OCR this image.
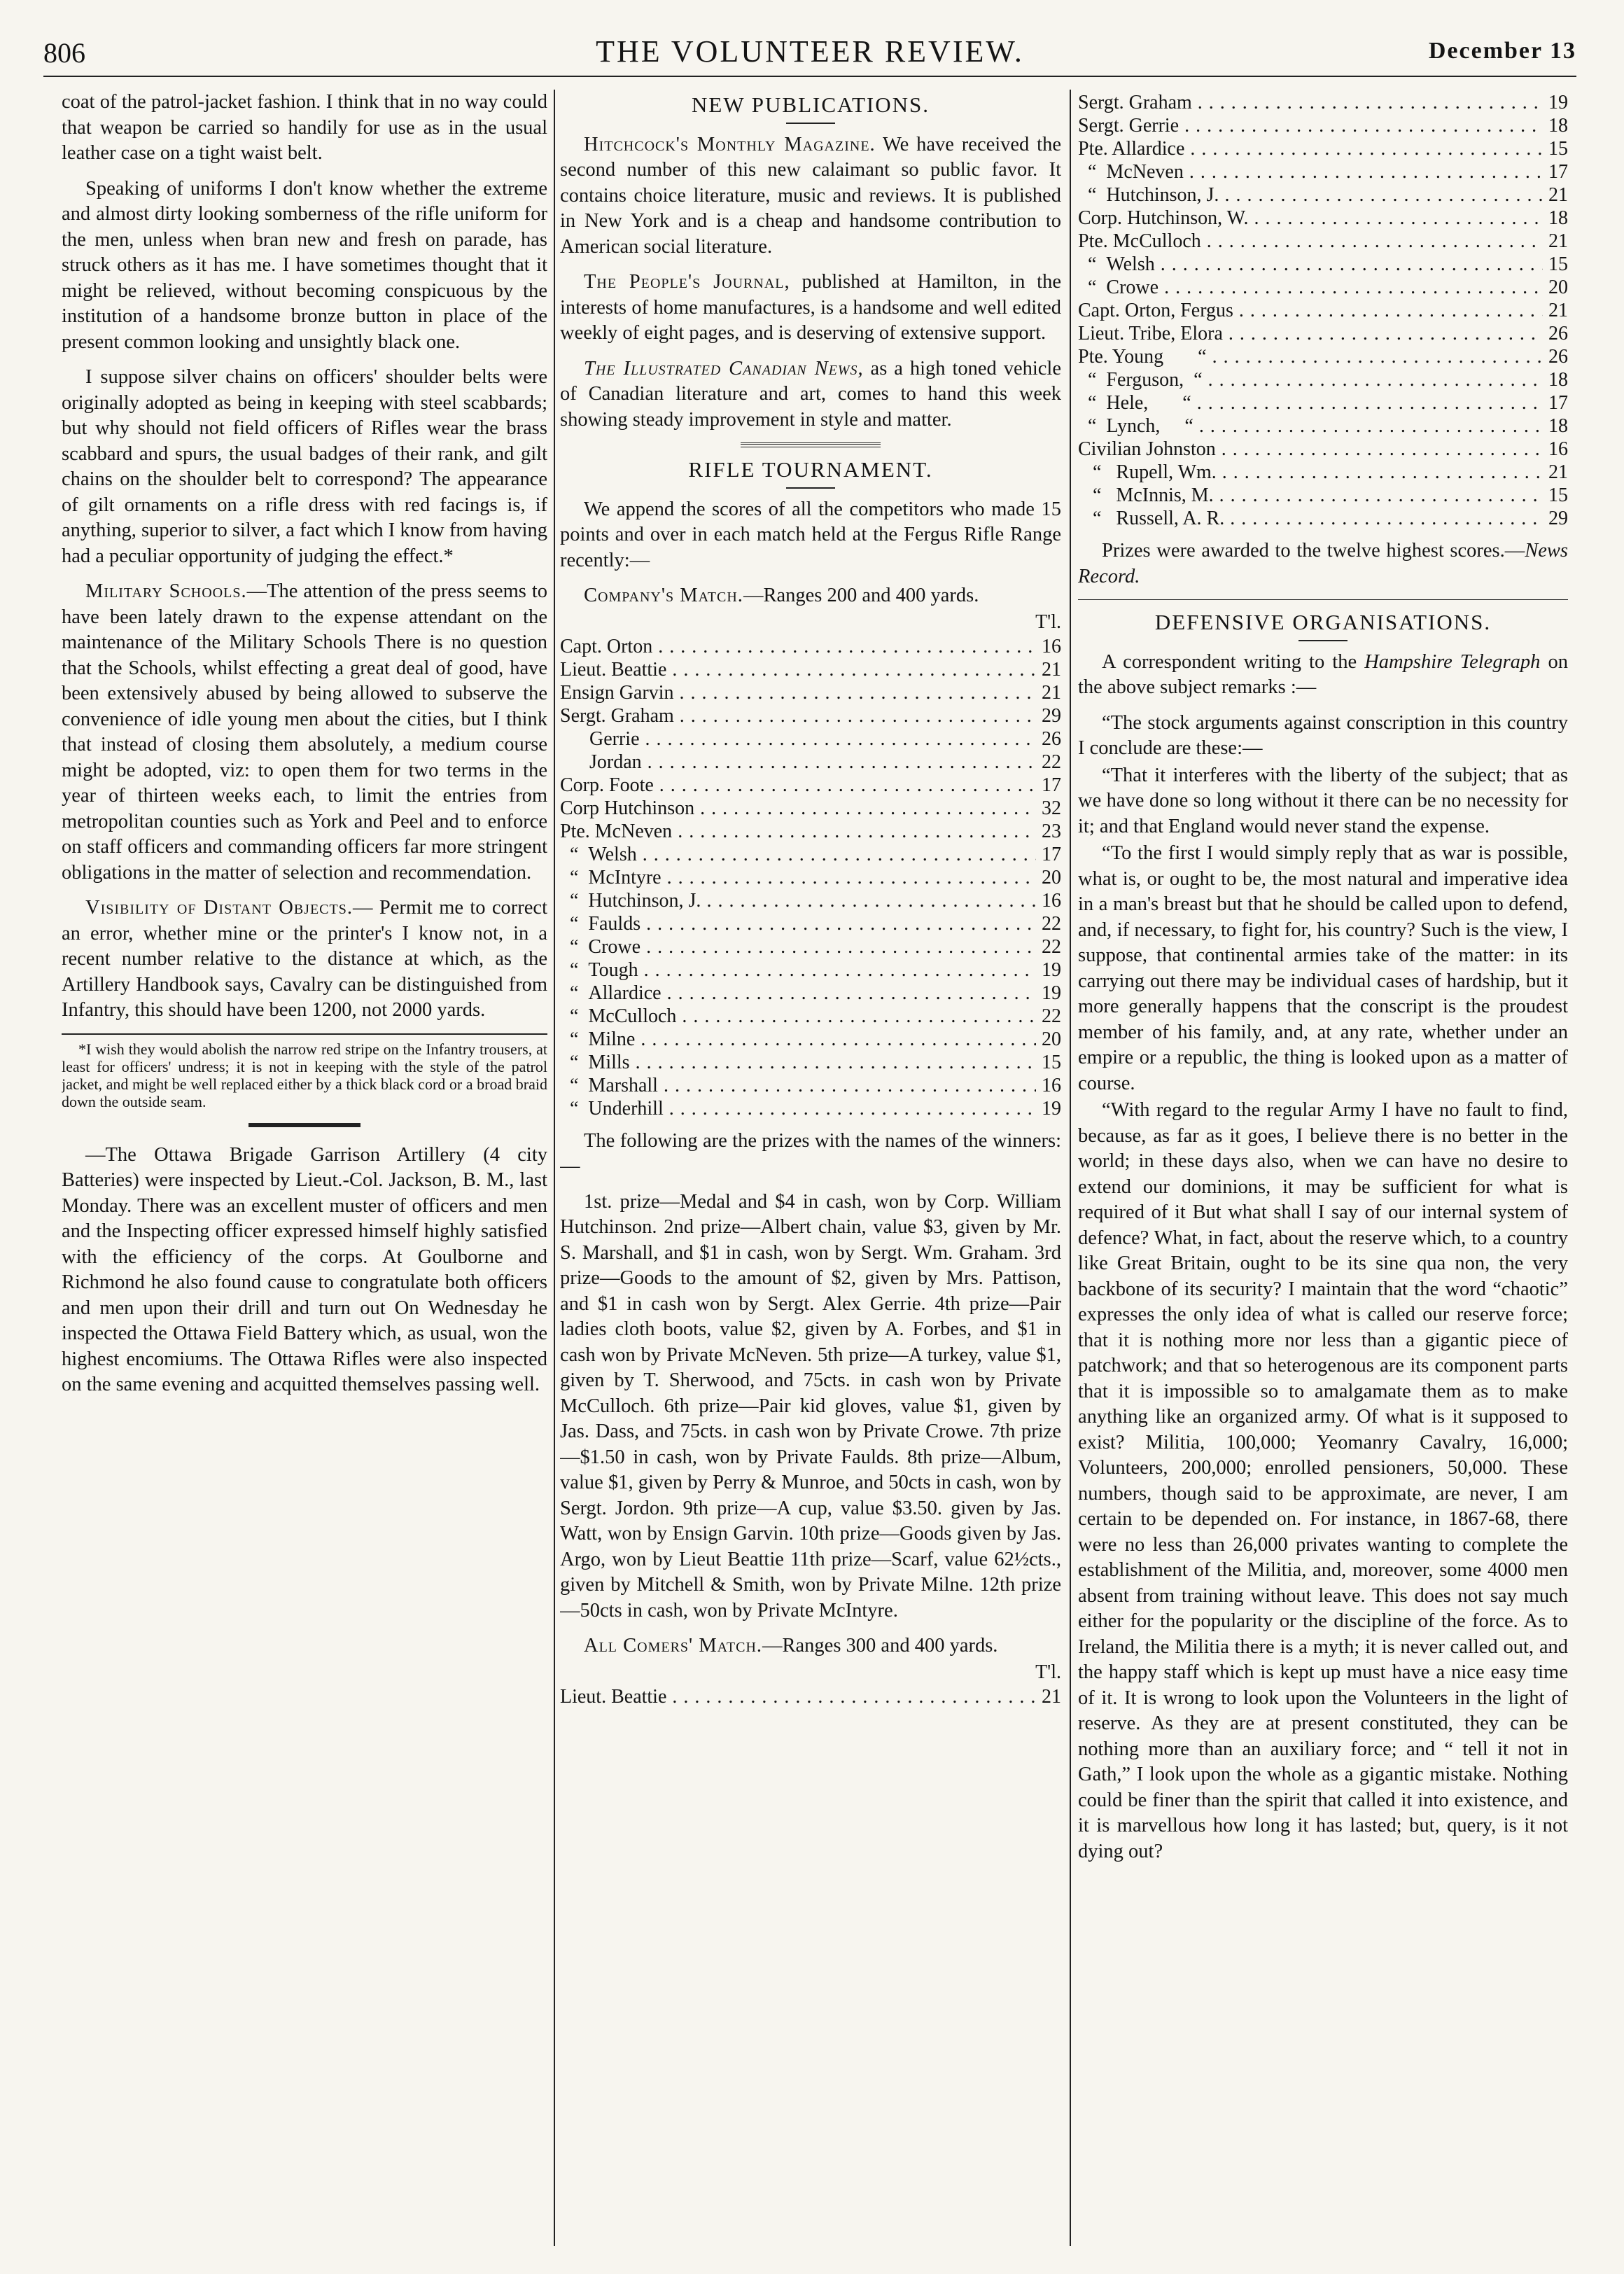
806	THE VOLUNTEER REVIEW.	December 13

coat of the patrol-jacket fashion. I think that in no way could that weapon be carried so handily for use as in the usual leather case on a tight waist belt.

Speaking of uniforms I don't know whether the extreme and almost dirty looking somberness of the rifle uniform for the men, unless when bran new and fresh on parade, has struck others as it has me. I have sometimes thought that it might be relieved, without becoming conspicuous by the institution of a handsome bronze button in place of the present common looking and unsightly black one.

I suppose silver chains on officers' shoulder belts were originally adopted as being in keeping with steel scabbards; but why should not field officers of Rifles wear the brass scabbard and spurs, the usual badges of their rank, and gilt chains on the shoulder belt to correspond? The appearance of gilt ornaments on a rifle dress with red facings is, if anything, superior to silver, a fact which I know from having had a peculiar opportunity of judging the effect.*

Military Schools.—The attention of the press seems to have been lately drawn to the expense attendant on the maintenance of the Military Schools There is no question that the Schools, whilst effecting a great deal of good, have been extensively abused by being allowed to subserve the convenience of idle young men about the cities, but I think that instead of closing them absolutely, a medium course might be adopted, viz: to open them for two terms in the year of thirteen weeks each, to limit the entries from metropolitan counties such as York and Peel and to enforce on staff officers and commanding officers far more stringent obligations in the matter of selection and recommendation.

Visibility of Distant Objects.— Permit me to correct an error, whether mine or the printer's I know not, in a recent number relative to the distance at which, as the Artillery Handbook says, Cavalry can be distinguished from Infantry, this should have been 1200, not 2000 yards.

*I wish they would abolish the narrow red stripe on the Infantry trousers, at least for officers' undress; it is not in keeping with the style of the patrol jacket, and might be well replaced either by a thick black cord or a broad braid down the outside seam.

—The Ottawa Brigade Garrison Artillery (4 city Batteries) were inspected by Lieut.-Col. Jackson, B. M., last Monday. There was an excellent muster of officers and men and the Inspecting officer expressed himself highly satisfied with the efficiency of the corps. At Goulborne and Richmond he also found cause to congratulate both officers and men upon their drill and turn out On Wednesday he inspected the Ottawa Field Battery which, as usual, won the highest encomiums. The Ottawa Rifles were also inspected on the same evening and acquitted themselves passing well.

NEW PUBLICATIONS.

Hitchcock's Monthly Magazine. We have received the second number of this new calaimant so public favor. It contains choice literature, music and reviews. It is published in New York and is a cheap and handsome contribution to American social literature.

The People's Journal, published at Hamilton, in the interests of home manufactures, is a handsome and well edited weekly of eight pages, and is deserving of extensive support.

The Illustrated Canadian News, as a high toned vehicle of Canadian literature and art, comes to hand this week showing steady improvement in style and matter.

RIFLE TOURNAMENT.

We append the scores of all the competitors who made 15 points and over in each match held at the Fergus Rifle Range recently:—

Company's Match.—Ranges 200 and 400 yards.

T'l.
Capt. Orton . . .	16
Lieut. Beattie . . .	21
Ensign Garvin . . .	21
Sergt. Graham . . .	29
Gerrie . . .	26
Jordan . . .	22
Corp. Foote . . .	17
Corp Hutchinson . . .	32
Pte. McNeven . . .	23
“  Welsh . . .	17
“  McIntyre . . .	20
“  Hutchinson, J. . . .	16
“  Faulds . . .	22
“  Crowe . . .	22
“  Tough . . .	19
“  Allardice . . .	19
“  McCulloch . . .	22
“  Milne . . .	20
“  Mills . . .	15
“  Marshall . . .	16
“  Underhill . . .	19

The following are the prizes with the names of the winners:—

1st. prize—Medal and $4 in cash, won by Corp. William Hutchinson. 2nd prize—Albert chain, value $3, given by Mr. S. Marshall, and $1 in cash, won by Sergt. Wm. Graham. 3rd prize—Goods to the amount of $2, given by Mrs. Pattison, and $1 in cash won by Sergt. Alex Gerrie. 4th prize—Pair ladies cloth boots, value $2, given by A. Forbes, and $1 in cash won by Private McNeven. 5th prize—A turkey, value $1, given by T. Sherwood, and 75cts. in cash won by Private McCulloch. 6th prize—Pair kid gloves, value $1, given by Jas. Dass, and 75cts. in cash won by Private Crowe. 7th prize—$1.50 in cash, won by Private Faulds. 8th prize—Album, value $1, given by Perry & Munroe, and 50cts in cash, won by Sergt. Jordon. 9th prize—A cup, value $3.50. given by Jas. Watt, won by Ensign Garvin. 10th prize—Goods given by Jas. Argo, won by Lieut Beattie 11th prize—Scarf, value 62½cts., given by Mitchell & Smith, won by Private Milne. 12th prize—50cts in cash, won by Private McIntyre.

All Comers' Match.—Ranges 300 and 400 yards.

T'l.
Lieut. Beattie . . .	21
Sergt. Graham . . .	19
Sergt. Gerrie . . .	18
Pte. Allardice . . .	15
“  McNeven . . .	17
“  Hutchinson, J. . . .	21
Corp. Hutchinson, W. . . .	18
Pte. McCulloch . . .	21
“  Welsh . . .	15
“  Crowe . . .	20
Capt. Orton, Fergus . . .	21
Lieut. Tribe, Elora . . .	26
Pte. Young       “ . . .	26
“  Ferguson,  “ . . .	18
“  Hele,       “ . . .	17
“  Lynch,     “ . . .	18
Civilian Johnston . . .	16
“   Rupell, Wm. . . .	21
“   McInnis, M. . . .	15
“   Russell, A. R. . . .	29

Prizes were awarded to the twelve highest scores.—News Record.

DEFENSIVE ORGANISATIONS.

A correspondent writing to the Hampshire Telegraph on the above subject remarks :—

“The stock arguments against conscription in this country I conclude are these:—

“That it interferes with the liberty of the subject; that as we have done so long without it there can be no necessity for it; and that England would never stand the expense.

“To the first I would simply reply that as war is possible, what is, or ought to be, the most natural and imperative idea in a man's breast but that he should be called upon to defend, and, if necessary, to fight for, his country? Such is the view, I suppose, that continental armies take of the matter: in its carrying out there may be individual cases of hardship, but it more generally happens that the conscript is the proudest member of his family, and, at any rate, whether under an empire or a republic, the thing is looked upon as a matter of course.

“With regard to the regular Army I have no fault to find, because, as far as it goes, I believe there is no better in the world; in these days also, when we can have no desire to extend our dominions, it may be sufficient for what is required of it But what shall I say of our internal system of defence? What, in fact, about the reserve which, to a country like Great Britain, ought to be its sine qua non, the very backbone of its security? I maintain that the word “chaotic” expresses the only idea of what is called our reserve force; that it is nothing more nor less than a gigantic piece of patchwork; and that so heterogenous are its component parts that it is impossible so to amalgamate them as to make anything like an organized army. Of what is it supposed to exist? Militia, 100,000; Yeomanry Cavalry, 16,000; Volunteers, 200,000; enrolled pensioners, 50,000. These numbers, though said to be approximate, are never, I am certain to be depended on. For instance, in 1867-68, there were no less than 26,000 privates wanting to complete the establishment of the Militia, and, moreover, some 4000 men absent from training without leave. This does not say much either for the popularity or the discipline of the force. As to Ireland, the Militia there is a myth; it is never called out, and the happy staff which is kept up must have a nice easy time of it. It is wrong to look upon the Volunteers in the light of reserve. As they are at present constituted, they can be nothing more than an auxiliary force; and “ tell it not in Gath,” I look upon the whole as a gigantic mistake. Nothing could be finer than the spirit that called it into existence, and it is marvellous how long it has lasted; but, query, is it not dying out?
